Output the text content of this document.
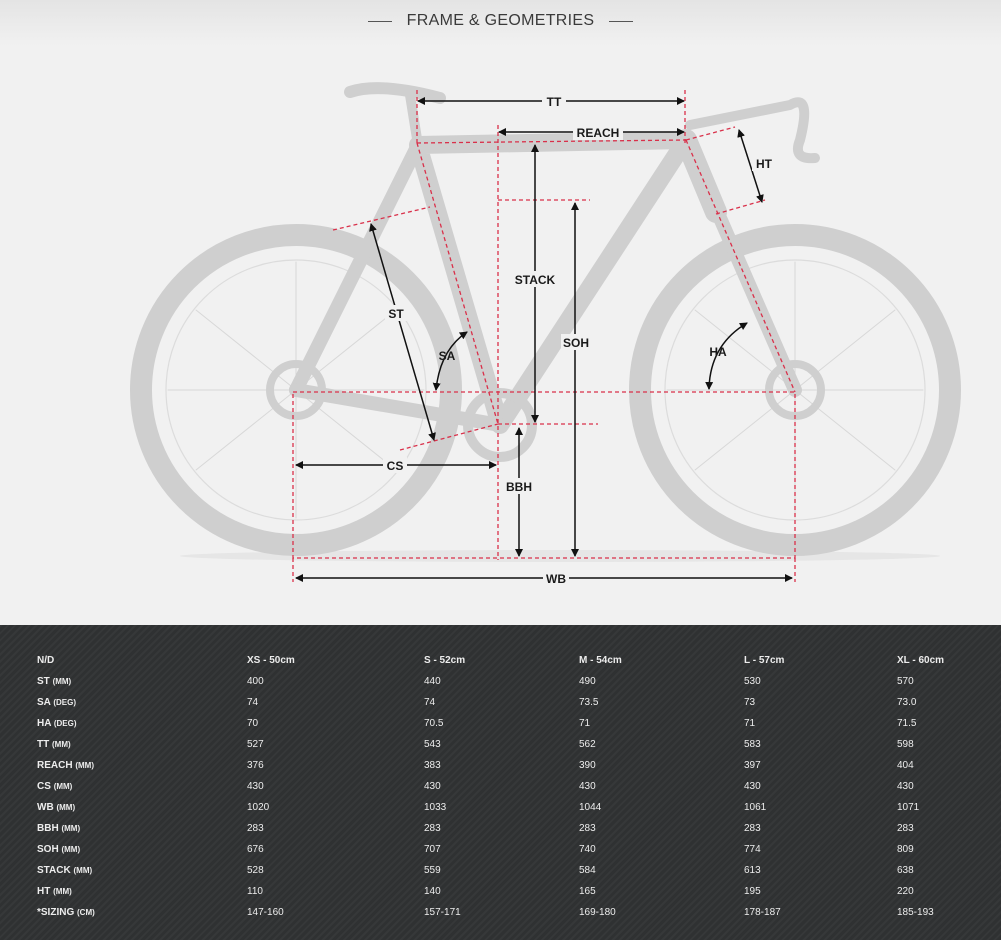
FRAME & GEOMETRIES
TT
REACH
HT
STACK
SOH
ST
SA	HA
CS
BBH
WB
N/D	XS - 50cm	S - 52cm	M - 54cm	L - 57cm	XL - 60cm
ST (MM)	400	440	490	530	570
SA (DEG)	74	74	73.5	73	73.0
HA (DEG)	70	70.5	71	71	71.5
TT (MM)	527	543	562	583	598
REACH (MM)	376	383	390	397	404
CS (MM)	430	430	430	430	430
WB (MM)	1020	1033	1044	1061	1071
BBH (MM)	283	283	283	283	283
SOH (MM)	676	707	740	774	809
STACK (MM)	528	559	584	613	638
HT (MM)	110	140	165	195	220
*SIZING (CM)	147-160	157-171	169-180	178-187	185-193
